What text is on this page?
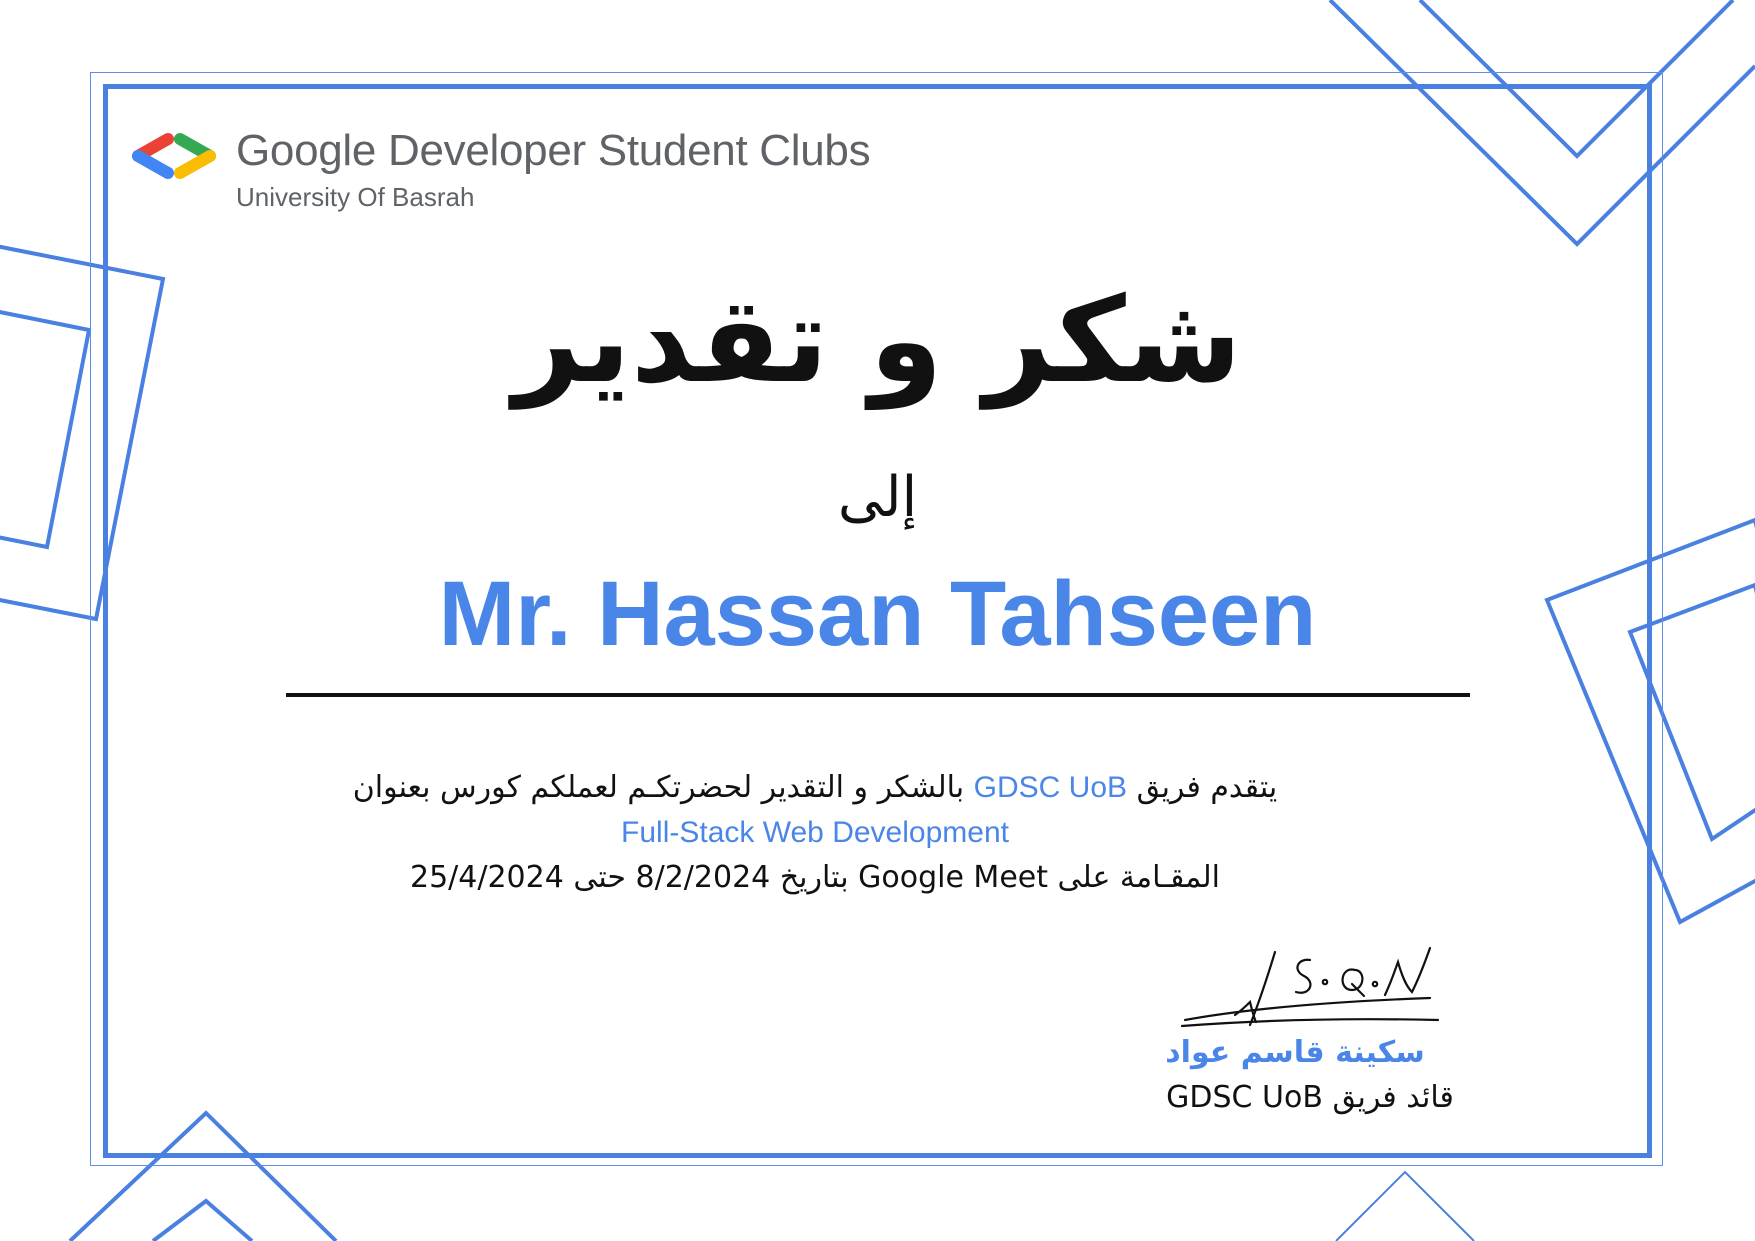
Google Developer Student Clubs
University Of Basrah
شكر و تقدير
إلى
Mr. Hassan Tahseen
يتقدم فريق GDSC UoB بالشكر و التقدير لحضرتكـم لعملكم كورس بعنوان
Full-Stack Web Development
المقـامة على Google Meet بتاريخ 8/2/2024 حتى 25/4/2024
سكينة قاسم عواد
قائد فريق GDSC UoB
